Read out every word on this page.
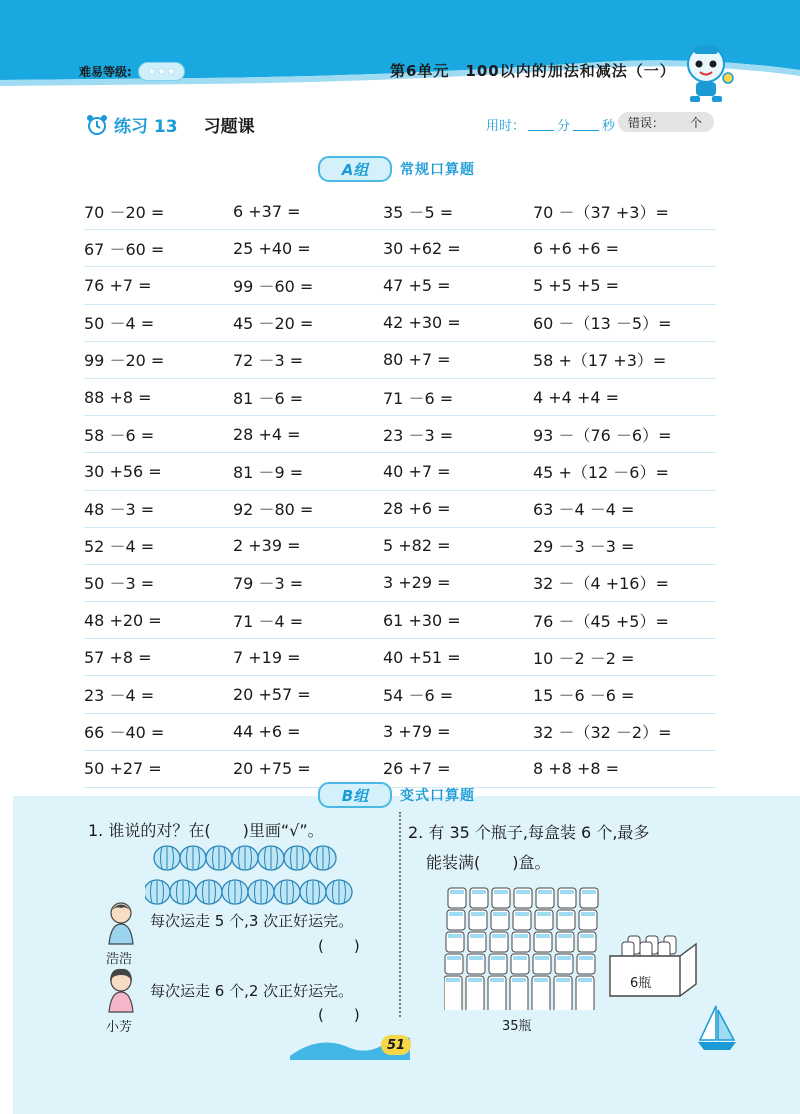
难易等级: ★★★	第6单元　100以内的加法和减法（一）
练习 13 习题课	用时： 分 秒 错误： 个
A组	常规口算题
70 －20 =	6 +37 =	35 －5 =	70 －（37 +3）=
67 －60 =	25 +40 =	30 +62 =	6 +6 +6 =
76 +7 =	99 －60 =	47 +5 =	5 +5 +5 =
50 －4 =	45 －20 =	42 +30 =	60 －（13 －5）=
99 －20 =	72 －3 =	80 +7 =	58 +（17 +3）=
88 +8 =	81 －6 =	71 －6 =	4 +4 +4 =
58 －6 =	28 +4 =	23 －3 =	93 －（76 －6）=
30 +56 =	81 －9 =	40 +7 =	45 +（12 －6）=
48 －3 =	92 －80 =	28 +6 =	63 －4 －4 =
52 －4 =	2 +39 =	5 +82 =	29 －3 －3 =
50 －3 =	79 －3 =	3 +29 =	32 －（4 +16）=
48 +20 =	71 －4 =	61 +30 =	76 －（45 +5）=
57 +8 =	7 +19 =	40 +51 =	10 －2 －2 =
23 －4 =	20 +57 =	54 －6 =	15 －6 －6 =
66 －40 =	44 +6 =	3 +79 =	32 －（32 －2）=
50 +27 =	20 +75 =	26 +7 =	8 +8 +8 =
B组	变式口算题
1. 谁说的对？在(　　)里画“√”。
每次运走 5 个,3 次正好运完。
(　　)
浩浩
每次运走 6 个,2 次正好运完。
(　　)
小芳
2. 有 35 个瓶子,每盒装 6 个,最多
能装满(　　)盒。
35瓶
6瓶
51
